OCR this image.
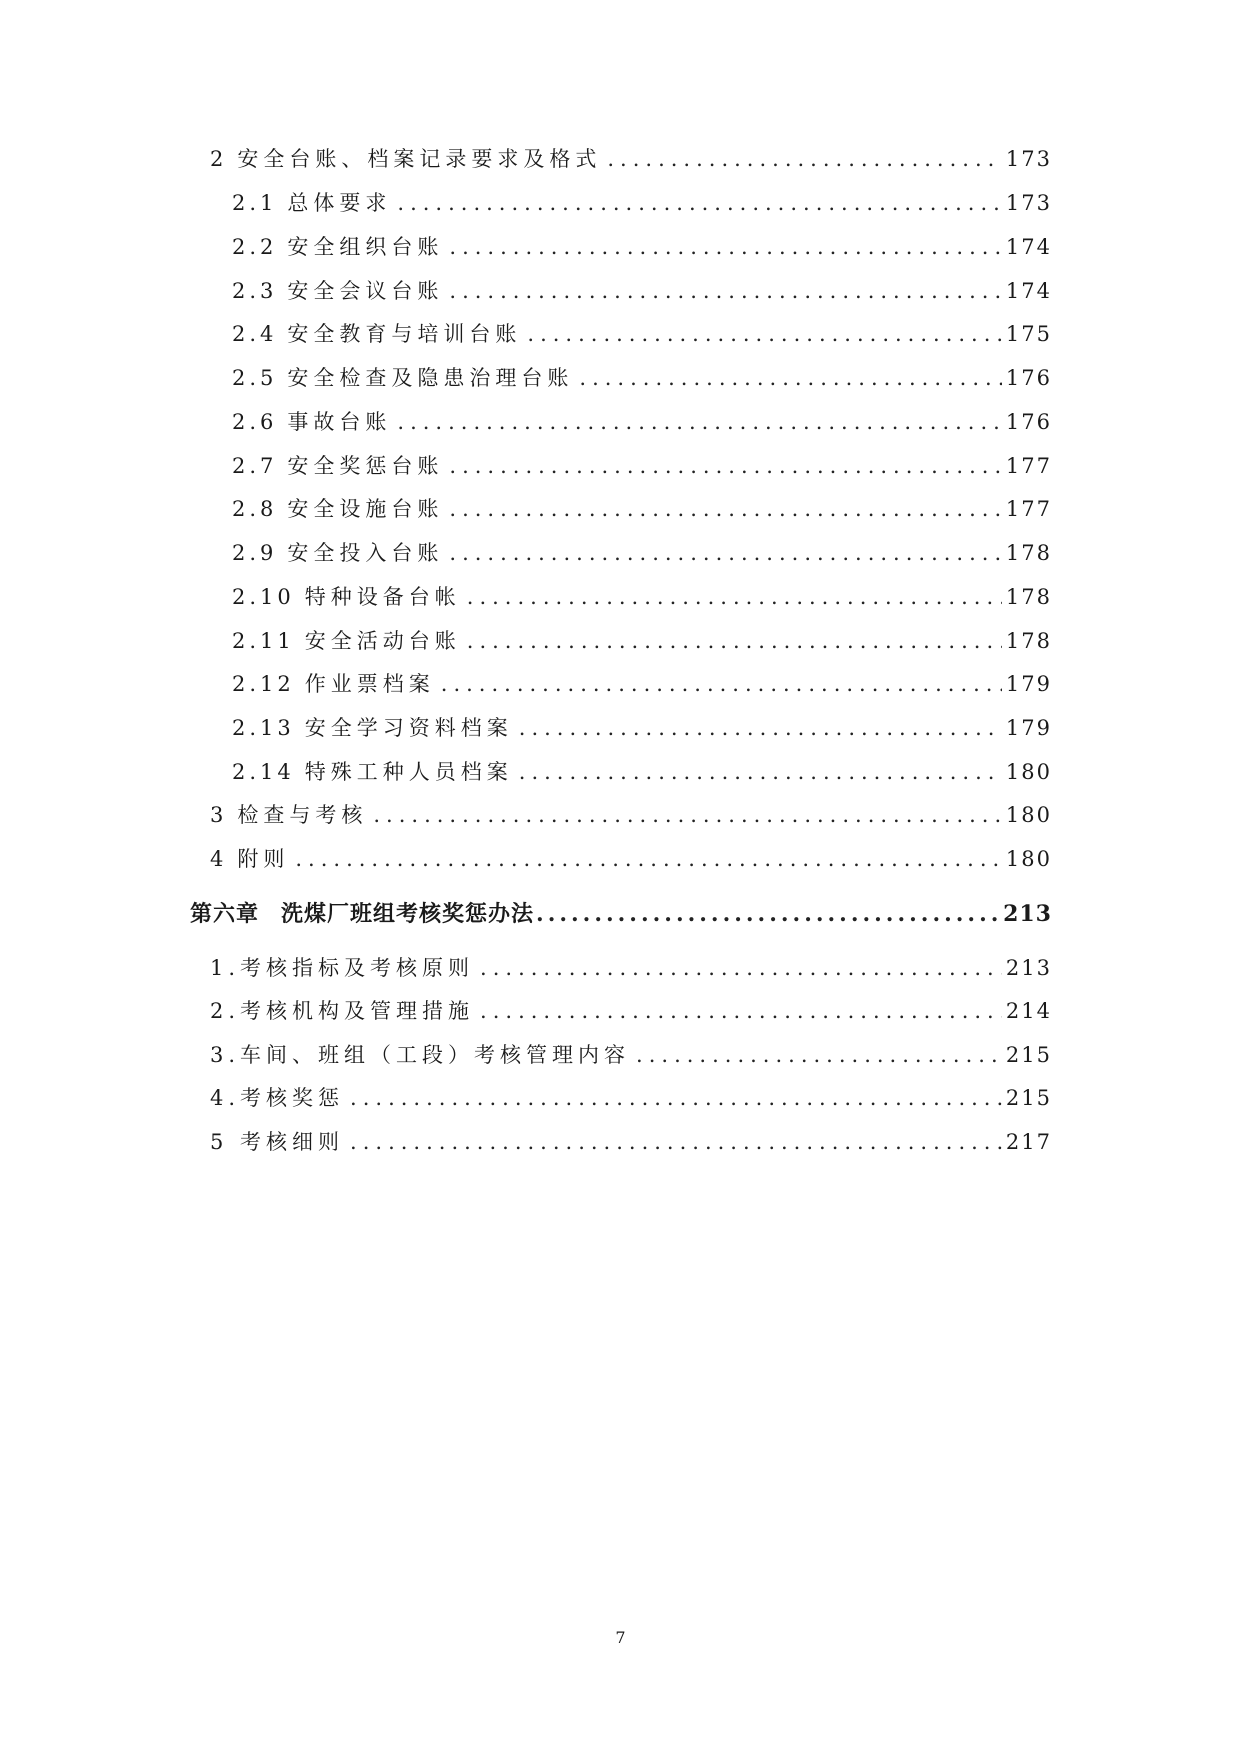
2 安全台账、档案记录要求及格式 .....	173
2.1 总体要求 .....	173
2.2 安全组织台账 .....	174
2.3 安全会议台账 .....	174
2.4 安全教育与培训台账 .....	175
2.5 安全检查及隐患治理台账 .....	176
2.6 事故台账 .....	176
2.7 安全奖惩台账 .....	177
2.8 安全设施台账 .....	177
2.9 安全投入台账 .....	178
2.10 特种设备台帐 .....	178
2.11 安全活动台账 .....	178
2.12 作业票档案 .....	179
2.13 安全学习资料档案 .....	179
2.14 特殊工种人员档案 .....	180
3 检查与考核 .....	180
4 附则 .....	180
第六章 洗煤厂班组考核奖惩办法 .....	213
1.考核指标及考核原则 .....	213
2.考核机构及管理措施 .....	214
3.车间、班组（工段）考核管理内容 .....	215
4.考核奖惩 .....	215
5 考核细则 .....	217
7
